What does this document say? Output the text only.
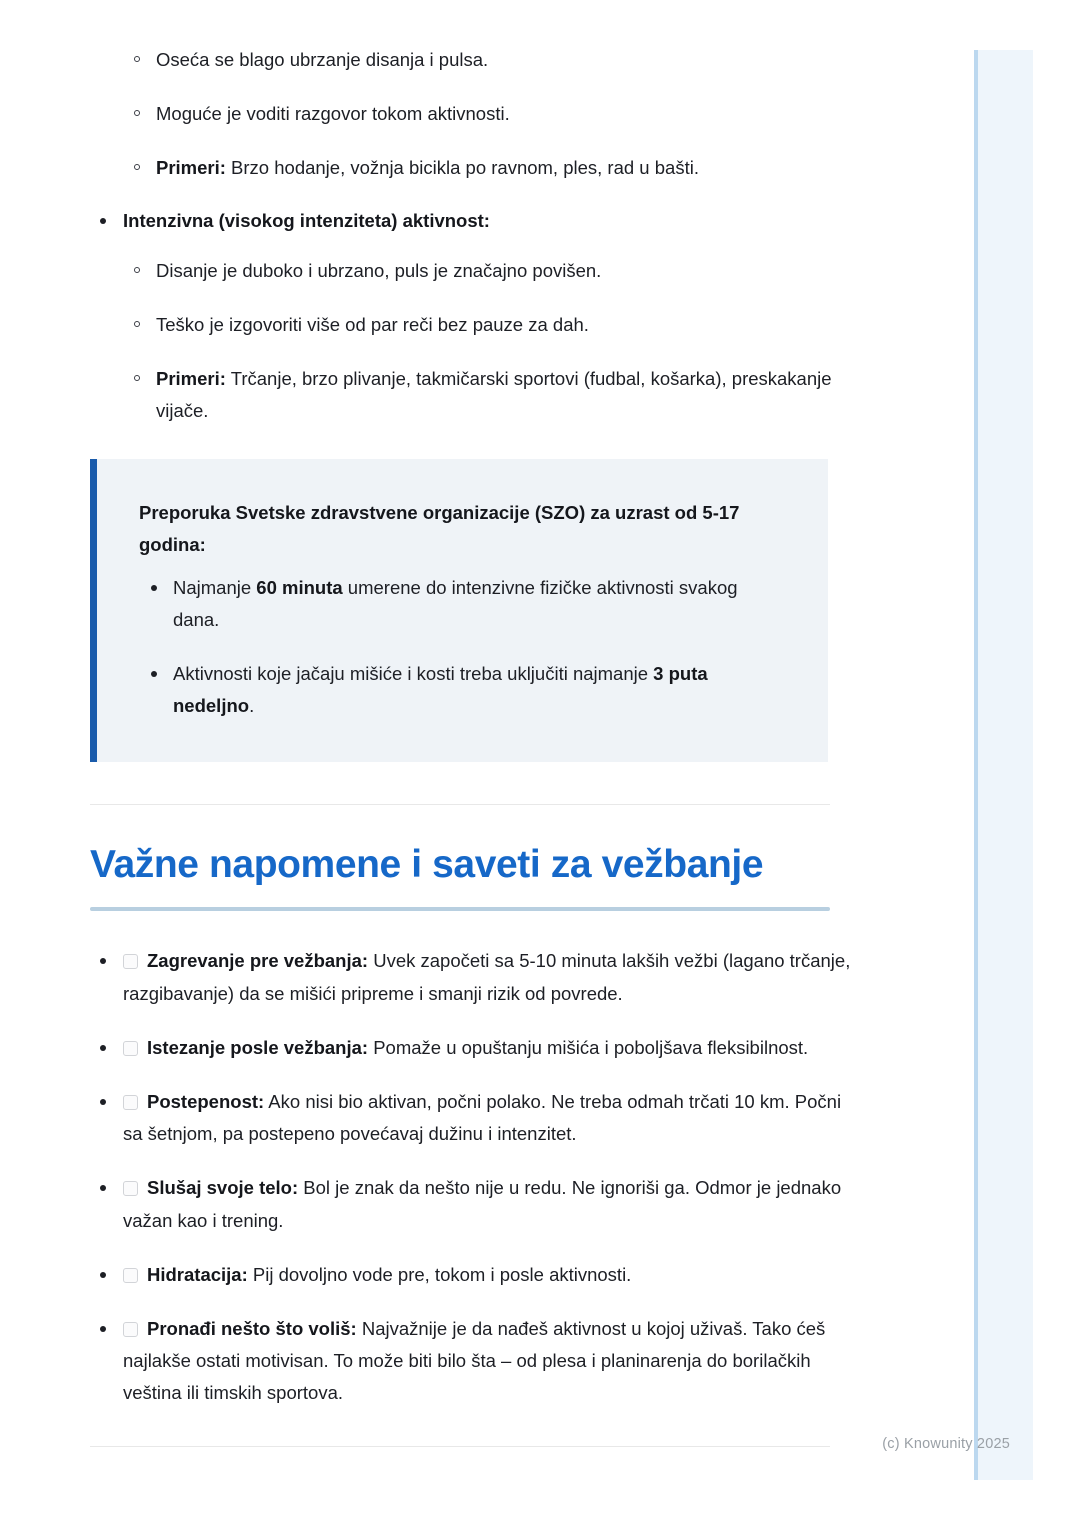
Oseća se blago ubrzanje disanja i pulsa.
Moguće je voditi razgovor tokom aktivnosti.
Primeri: Brzo hodanje, vožnja bicikla po ravnom, ples, rad u bašti.
Intenzivna (visokog intenziteta) aktivnost:
Disanje je duboko i ubrzano, puls je značajno povišen.
Teško je izgovoriti više od par reči bez pauze za dah.
Primeri: Trčanje, brzo plivanje, takmičarski sportovi (fudbal, košarka), preskakanje vijače.
Preporuka Svetske zdravstvene organizacije (SZO) za uzrast od 5-17 godina:
Najmanje 60 minuta umerene do intenzivne fizičke aktivnosti svakog dana.
Aktivnosti koje jačaju mišiće i kosti treba uključiti najmanje 3 puta nedeljno.
Važne napomene i saveti za vežbanje
Zagrevanje pre vežbanja: Uvek započeti sa 5-10 minuta lakših vežbi (lagano trčanje, razgibavanje) da se mišići pripreme i smanji rizik od povrede.
Istezanje posle vežbanja: Pomaže u opuštanju mišića i poboljšava fleksibilnost.
Postepenost: Ako nisi bio aktivan, počni polako. Ne treba odmah trčati 10 km. Počni sa šetnjom, pa postepeno povećavaj dužinu i intenzitet.
Slušaj svoje telo: Bol je znak da nešto nije u redu. Ne ignoriši ga. Odmor je jednako važan kao i trening.
Hidratacija: Pij dovoljno vode pre, tokom i posle aktivnosti.
Pronađi nešto što voliš: Najvažnije je da nađeš aktivnost u kojoj uživaš. Tako ćeš najlakše ostati motivisan. To može biti bilo šta – od plesa i planinarenja do borilačkih veština ili timskih sportova.
(c) Knowunity 2025
